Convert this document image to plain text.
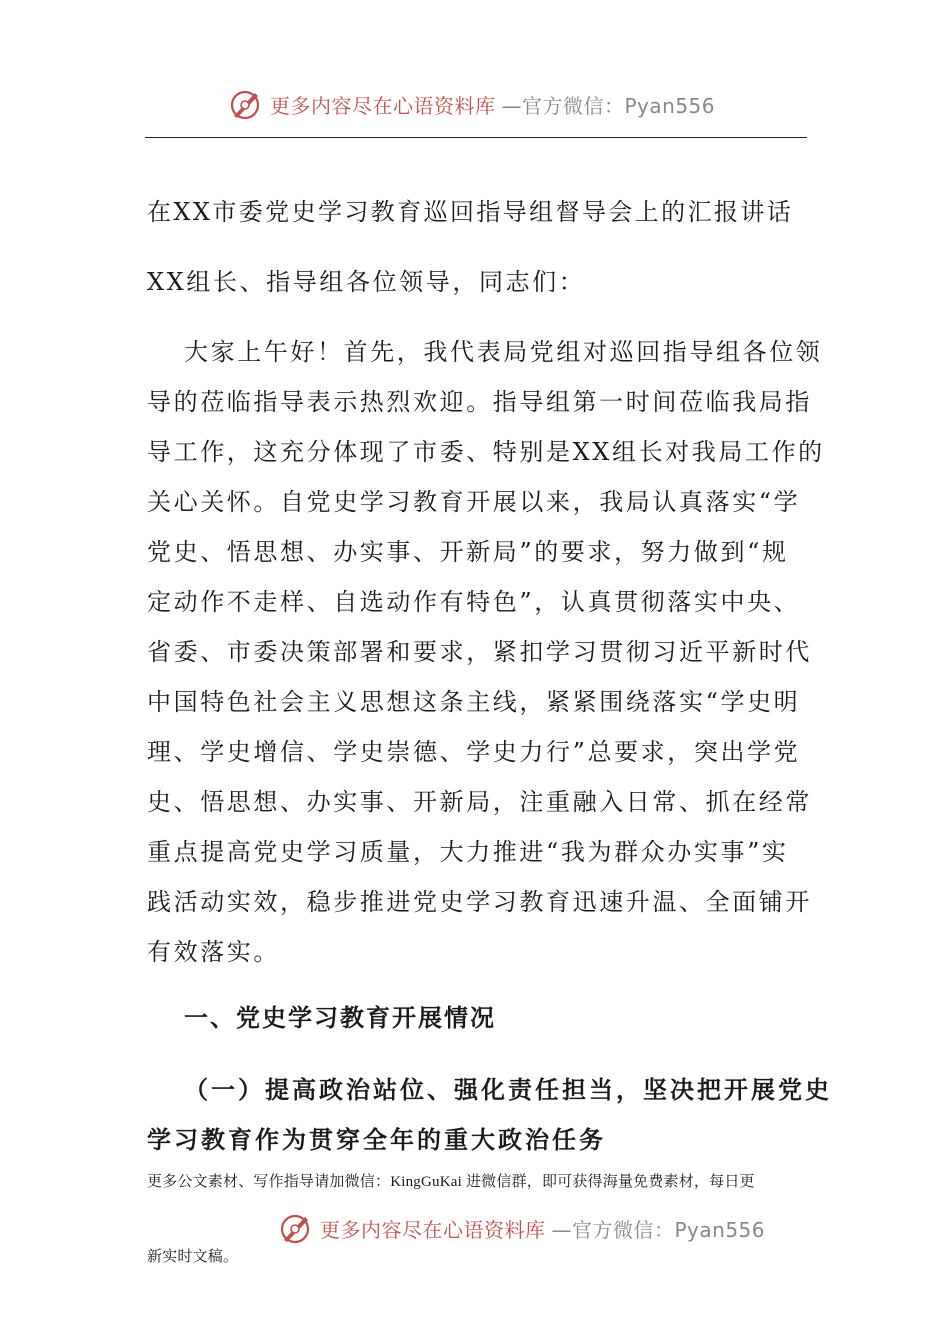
更多内容尽在心语资料库 —官方微信：Pyan556
在XX市委党史学习教育巡回指导组督导会上的汇报讲话
XX组长、指导组各位领导，同志们：
大家上午好！首先，我代表局党组对巡回指导组各位领
导的莅临指导表示热烈欢迎。指导组第一时间莅临我局指
导工作，这充分体现了市委、特别是XX组长对我局工作的
关心关怀。自党史学习教育开展以来，我局认真落实“学
党史、悟思想、办实事、开新局”的要求，努力做到“规
定动作不走样、自选动作有特色”，认真贯彻落实中央、
省委、市委决策部署和要求，紧扣学习贯彻习近平新时代
中国特色社会主义思想这条主线，紧紧围绕落实“学史明
理、学史增信、学史崇德、学史力行”总要求，突出学党
史、悟思想、办实事、开新局，注重融入日常、抓在经常
重点提高党史学习质量，大力推进“我为群众办实事”实
践活动实效，稳步推进党史学习教育迅速升温、全面铺开
有效落实。
一、党史学习教育开展情况
（一）提高政治站位、强化责任担当，坚决把开展党史
学习教育作为贯穿全年的重大政治任务
更多公文素材、写作指导请加微信：KingGuKai 进微信群，即可获得海量免费素材，每日更
更多内容尽在心语资料库 —官方微信：Pyan556
新实时文稿。
